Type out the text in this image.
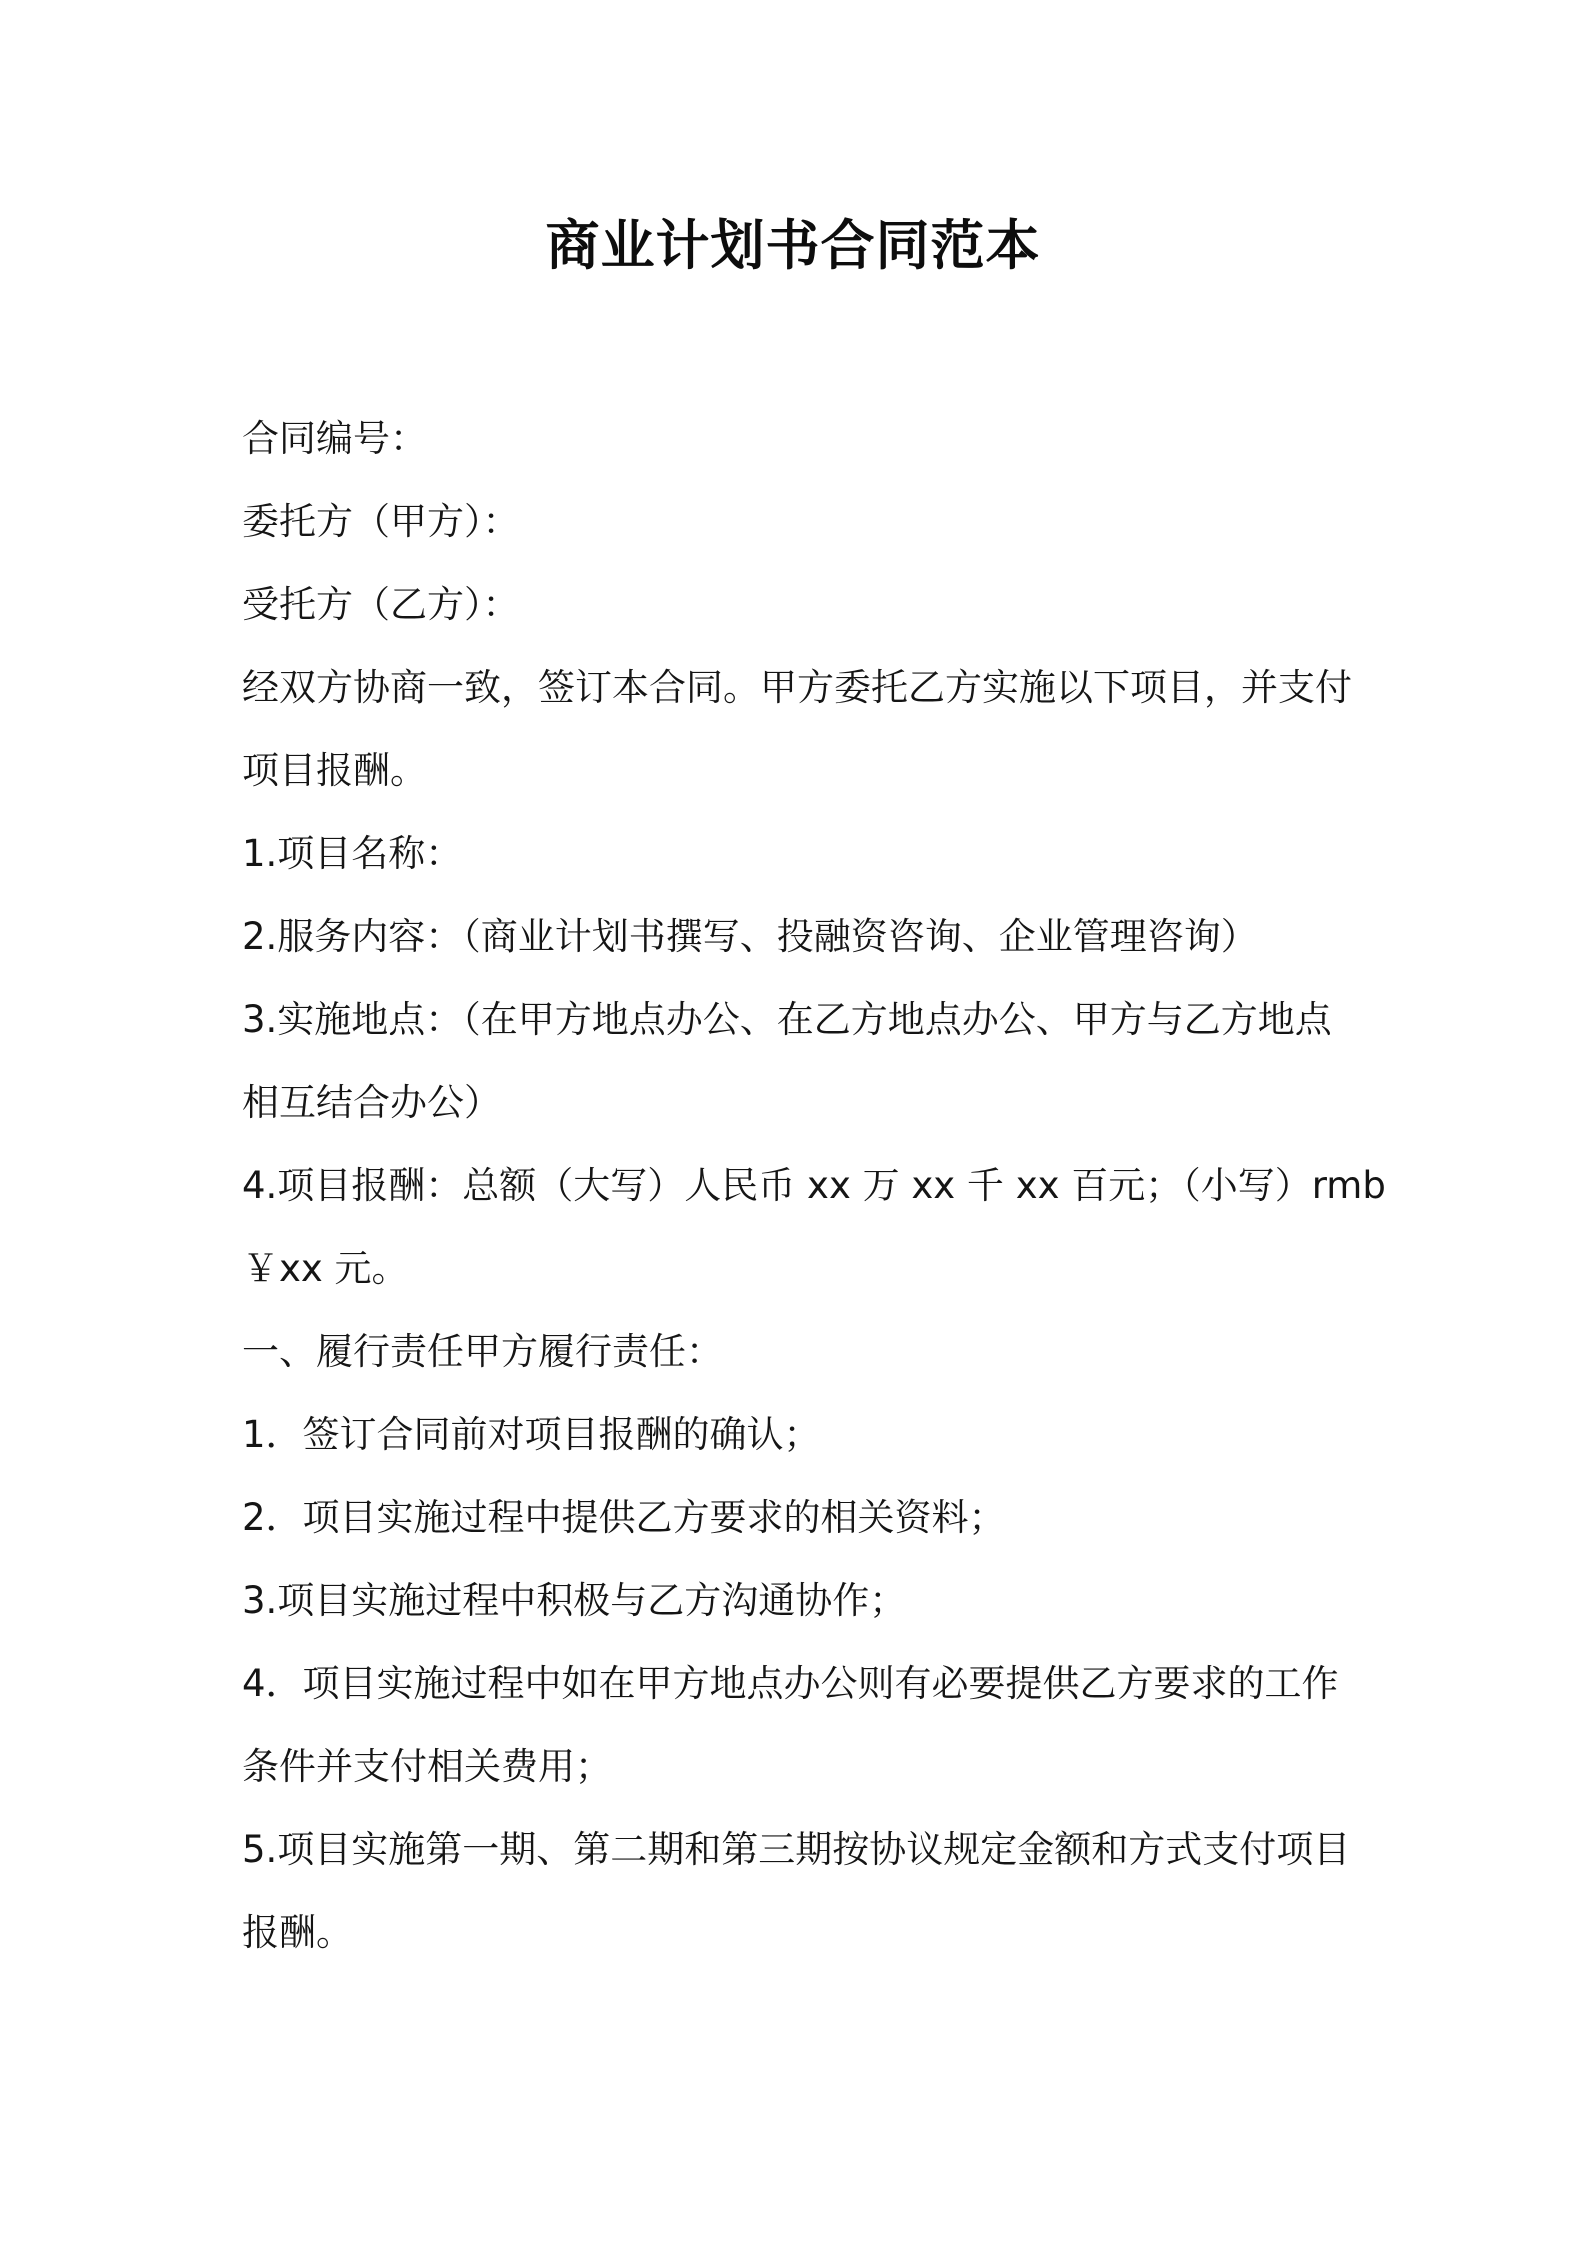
商业计划书合同范本
合同编号：
委托方（甲方）：
受托方（乙方）：
经双方协商一致，签订本合同。甲方委托乙方实施以下项目，并支付
项目报酬。
1.项目名称：
2.服务内容：（商业计划书撰写、投融资咨询、企业管理咨询）
3.实施地点：（在甲方地点办公、在乙方地点办公、甲方与乙方地点
相互结合办公）
4.项目报酬：总额（大写）人民币 xx 万 xx 千 xx 百元；（小写）rmb
￥xx 元。
一、履行责任甲方履行责任：
1．签订合同前对项目报酬的确认；
2．项目实施过程中提供乙方要求的相关资料；
3.项目实施过程中积极与乙方沟通协作；
4．项目实施过程中如在甲方地点办公则有必要提供乙方要求的工作
条件并支付相关费用；
5.项目实施第一期、第二期和第三期按协议规定金额和方式支付项目
报酬。
